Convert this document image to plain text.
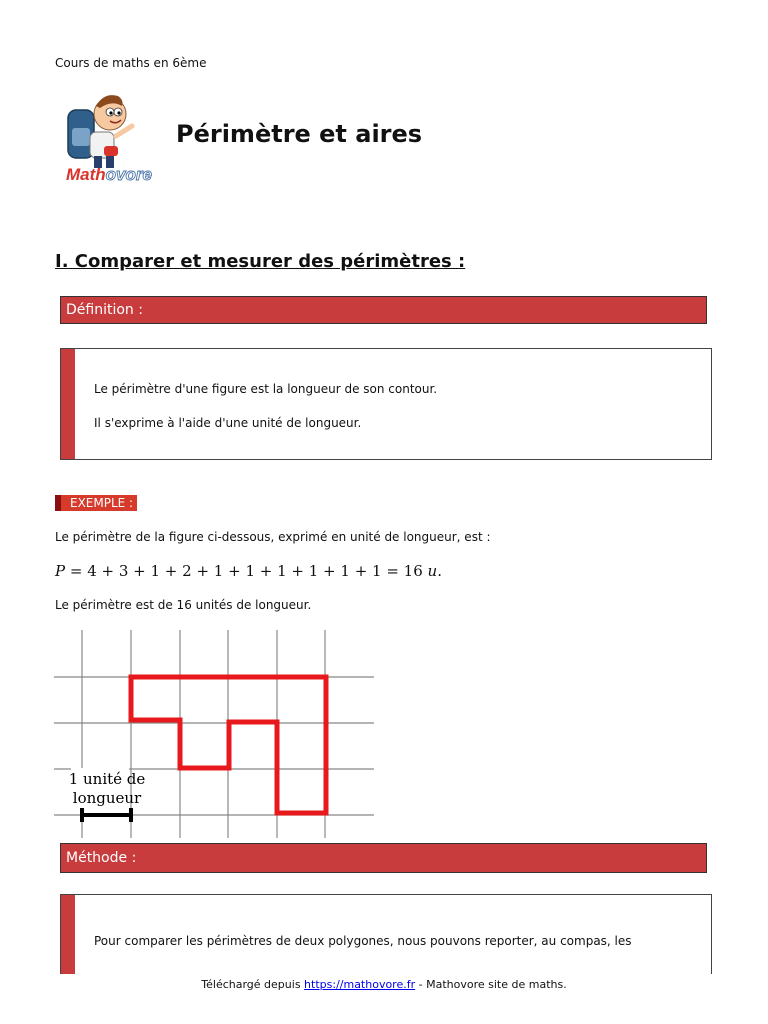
Cours de maths en 6ème
Mathovore
Périmètre et aires
I. Comparer et mesurer des périmètres :
Définition :
Le périmètre d'une figure est la longueur de son contour.
Il s'exprime à l'aide d'une unité de longueur.
EXEMPLE :
Le périmètre de la figure ci-dessous, exprimé en unité de longueur, est :
P = 4 + 3 + 1 + 2 + 1 + 1 + 1 + 1 + 1 + 1 = 16 u.
Le périmètre est de 16 unités de longueur.
1 unité de
longueur
Méthode :
Pour comparer les périmètres de deux polygones, nous pouvons reporter, au compas, les
Téléchargé depuis https://mathovore.fr - Mathovore site de maths.
